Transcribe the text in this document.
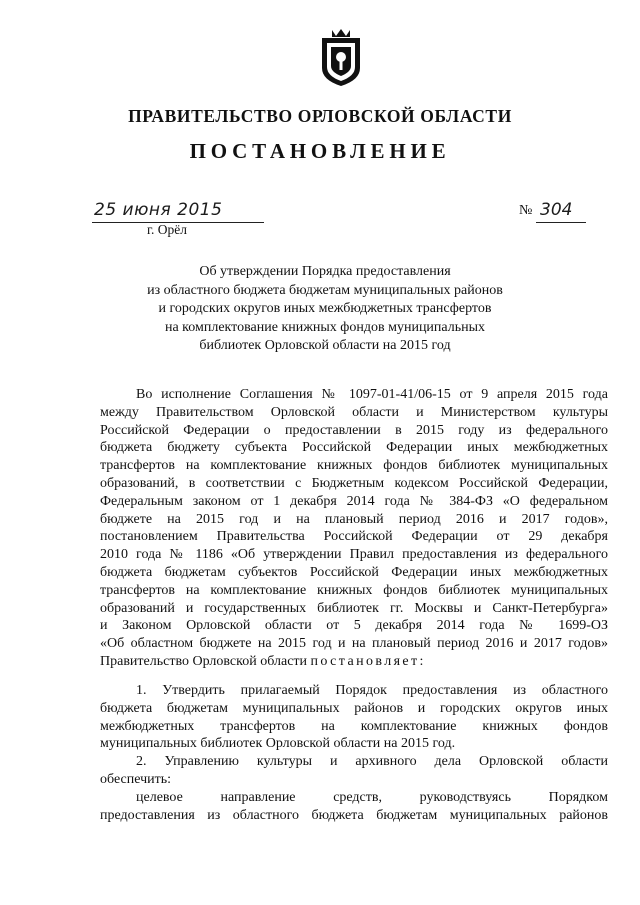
ПРАВИТЕЛЬСТВО ОРЛОВСКОЙ ОБЛАСТИ
ПОСТАНОВЛЕНИЕ
25 июня 2015
г. Орёл
№ 304
Об утверждении Порядка предоставления
из областного бюджета бюджетам муниципальных районов
и городских округов иных межбюджетных трансфертов
на комплектование книжных фондов муниципальных
библиотек Орловской области на 2015 год
Во исполнение Соглашения № 1097-01-41/06-15 от 9 апреля 2015 года
между Правительством Орловской области и Министерством культуры
Российской Федерации о предоставлении в 2015 году из федерального
бюджета бюджету субъекта Российской Федерации иных межбюджетных
трансфертов на комплектование книжных фондов библиотек муниципальных
образований, в соответствии с Бюджетным кодексом Российской Федерации,
Федеральным законом от 1 декабря 2014 года № 384-ФЗ «О федеральном
бюджете на 2015 год и на плановый период 2016 и 2017 годов»,
постановлением Правительства Российской Федерации от 29 декабря
2010 года № 1186 «Об утверждении Правил предоставления из федерального
бюджета бюджетам субъектов Российской Федерации иных межбюджетных
трансфертов на комплектование книжных фондов библиотек муниципальных
образований и государственных библиотек гг. Москвы и Санкт-Петербурга»
и Законом Орловской области от 5 декабря 2014 года № 1699-ОЗ
«Об областном бюджете на 2015 год и на плановый период 2016 и 2017 годов»
Правительство Орловской области постановляет:
1. Утвердить прилагаемый Порядок предоставления из областного
бюджета бюджетам муниципальных районов и городских округов иных
межбюджетных трансфертов на комплектование книжных фондов
муниципальных библиотек Орловской области на 2015 год.
2. Управлению культуры и архивного дела Орловской области
обеспечить:
целевое направление средств, руководствуясь Порядком
предоставления из областного бюджета бюджетам муниципальных районов
